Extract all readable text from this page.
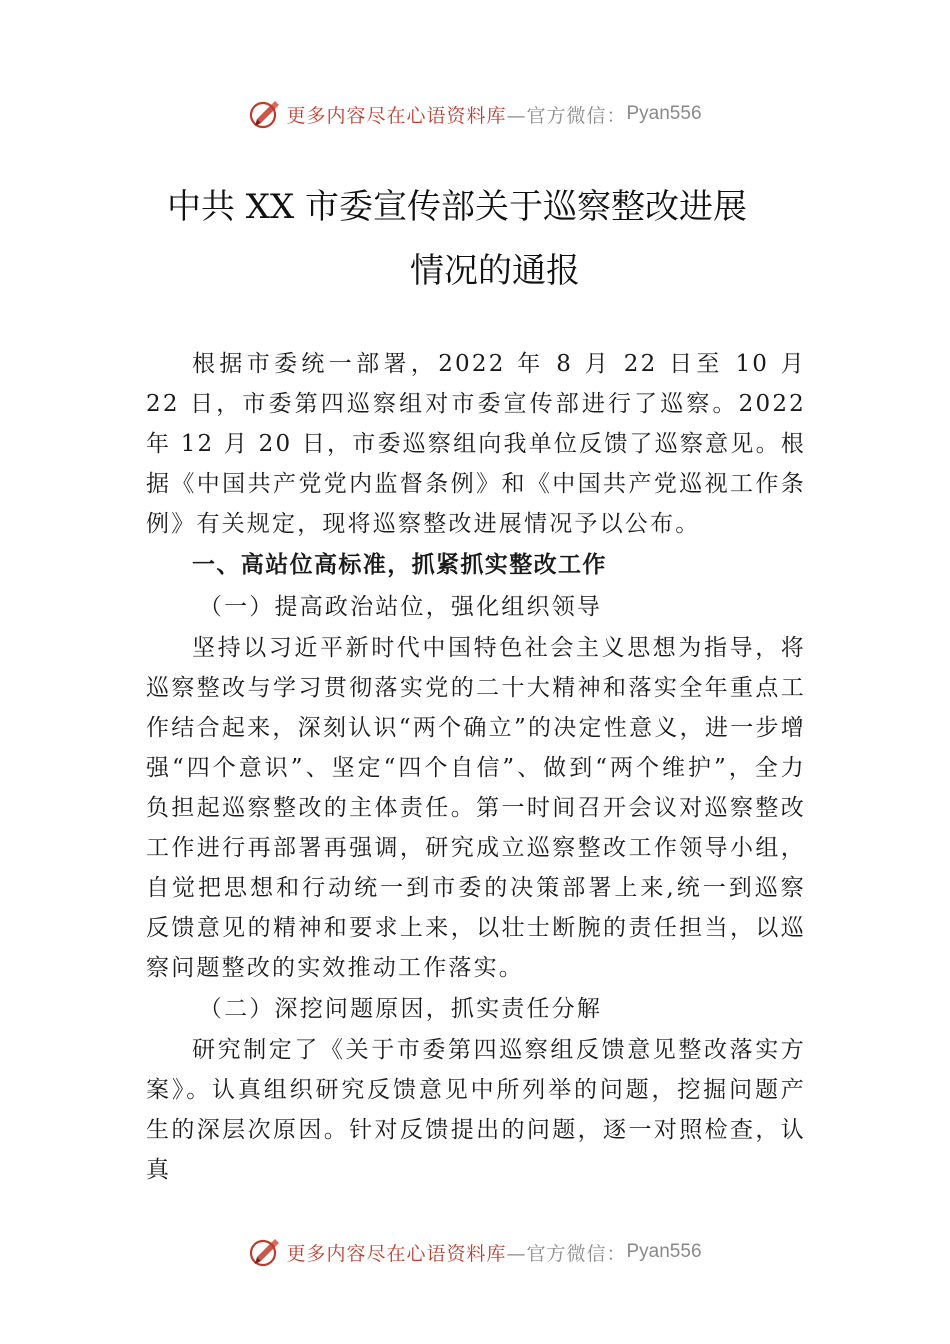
更多内容尽在心语资料库 —官方微信： Pyan556
中共 XX 市委宣传部关于巡察整改进展
情况的通报

根据市委统一部署，2022 年 8 月 22 日至 10 月 22 日，市委第四巡察组对市委宣传部进行了巡察。2022 年 12 月 20 日，市委巡察组向我单位反馈了巡察意见。根据《中国共产党党内监督条例》和《中国共产党巡视工作条例》有关规定，现将巡察整改进展情况予以公布。

一、高站位高标准，抓紧抓实整改工作
（一）提高政治站位，强化组织领导

坚持以习近平新时代中国特色社会主义思想为指导，将巡察整改与学习贯彻落实党的二十大精神和落实全年重点工作结合起来，深刻认识“两个确立”的决定性意义，进一步增强“四个意识”、坚定“四个自信”、做到“两个维护”，全力负担起巡察整改的主体责任。第一时间召开会议对巡察整改工作进行再部署再强调，研究成立巡察整改工作领导小组，自觉把思想和行动统一到市委的决策部署上来,统一到巡察反馈意见的精神和要求上来，以壮士断腕的责任担当，以巡察问题整改的实效推动工作落实。

（二）深挖问题原因，抓实责任分解

研究制定了《关于市委第四巡察组反馈意见整改落实方案》。认真组织研究反馈意见中所列举的问题，挖掘问题产生的深层次原因。针对反馈提出的问题，逐一对照检查，认真

更多内容尽在心语资料库 —官方微信： Pyan556
